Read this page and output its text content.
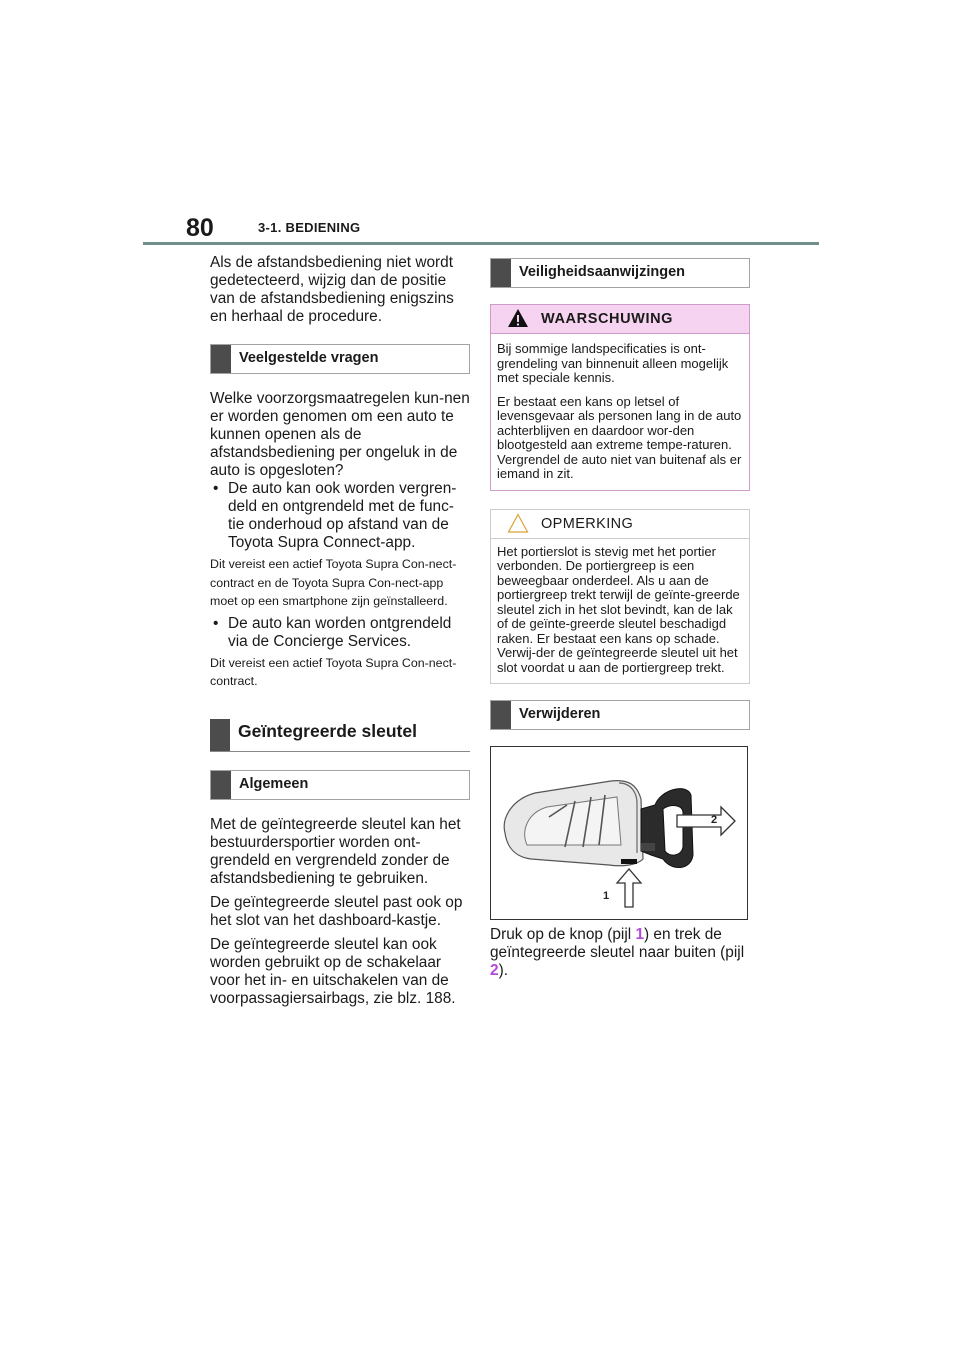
80	3-1. BEDIENING

Als de afstandsbediening niet wordt gedetecteerd, wijzig dan de positie van de afstandsbediening enigszins en herhaal de procedure.

Veelgestelde vragen

Welke voorzorgsmaatregelen kun-nen er worden genomen om een auto te kunnen openen als de afstandsbediening per ongeluk in de auto is opgesloten?

• De auto kan ook worden vergren-deld en ontgrendeld met de func-tie onderhoud op afstand van de Toyota Supra Connect-app.

Dit vereist een actief Toyota Supra Con-nect-contract en de Toyota Supra Con-nect-app moet op een smartphone zijn geïnstalleerd.

• De auto kan worden ontgrendeld via de Concierge Services.

Dit vereist een actief Toyota Supra Con-nect-contract.

Geïntegreerde sleutel
Algemeen

Met de geïntegreerde sleutel kan het bestuurdersportier worden ont-grendeld en vergrendeld zonder de afstandsbediening te gebruiken.

De geïntegreerde sleutel past ook op het slot van het dashboard-kastje.

De geïntegreerde sleutel kan ook worden gebruikt op de schakelaar voor het in- en uitschakelen van de voorpassagiersairbags, zie blz. 188.

Veiligheidsaanwijzingen
WAARSCHUWING

Bij sommige landspecificaties is ont-grendeling van binnenuit alleen mogelijk met speciale kennis.

Er bestaat een kans op letsel of levensgevaar als personen lang in de auto achterblijven en daardoor wor-den blootgesteld aan extreme tempe-raturen. Vergrendel de auto niet van buitenaf als er iemand in zit.

OPMERKING

Het portierslot is stevig met het portier verbonden. De portiergreep is een beweegbaar onderdeel. Als u aan de portiergreep trekt terwijl de geïnte-greerde sleutel zich in het slot bevindt, kan de lak of de geïnte-greerde sleutel beschadigd raken. Er bestaat een kans op schade. Verwij-der de geïntegreerde sleutel uit het slot voordat u aan de portiergreep trekt.

Verwijderen
2
1

Druk op de knop (pijl 1) en trek de geïntegreerde sleutel naar buiten (pijl 2).
